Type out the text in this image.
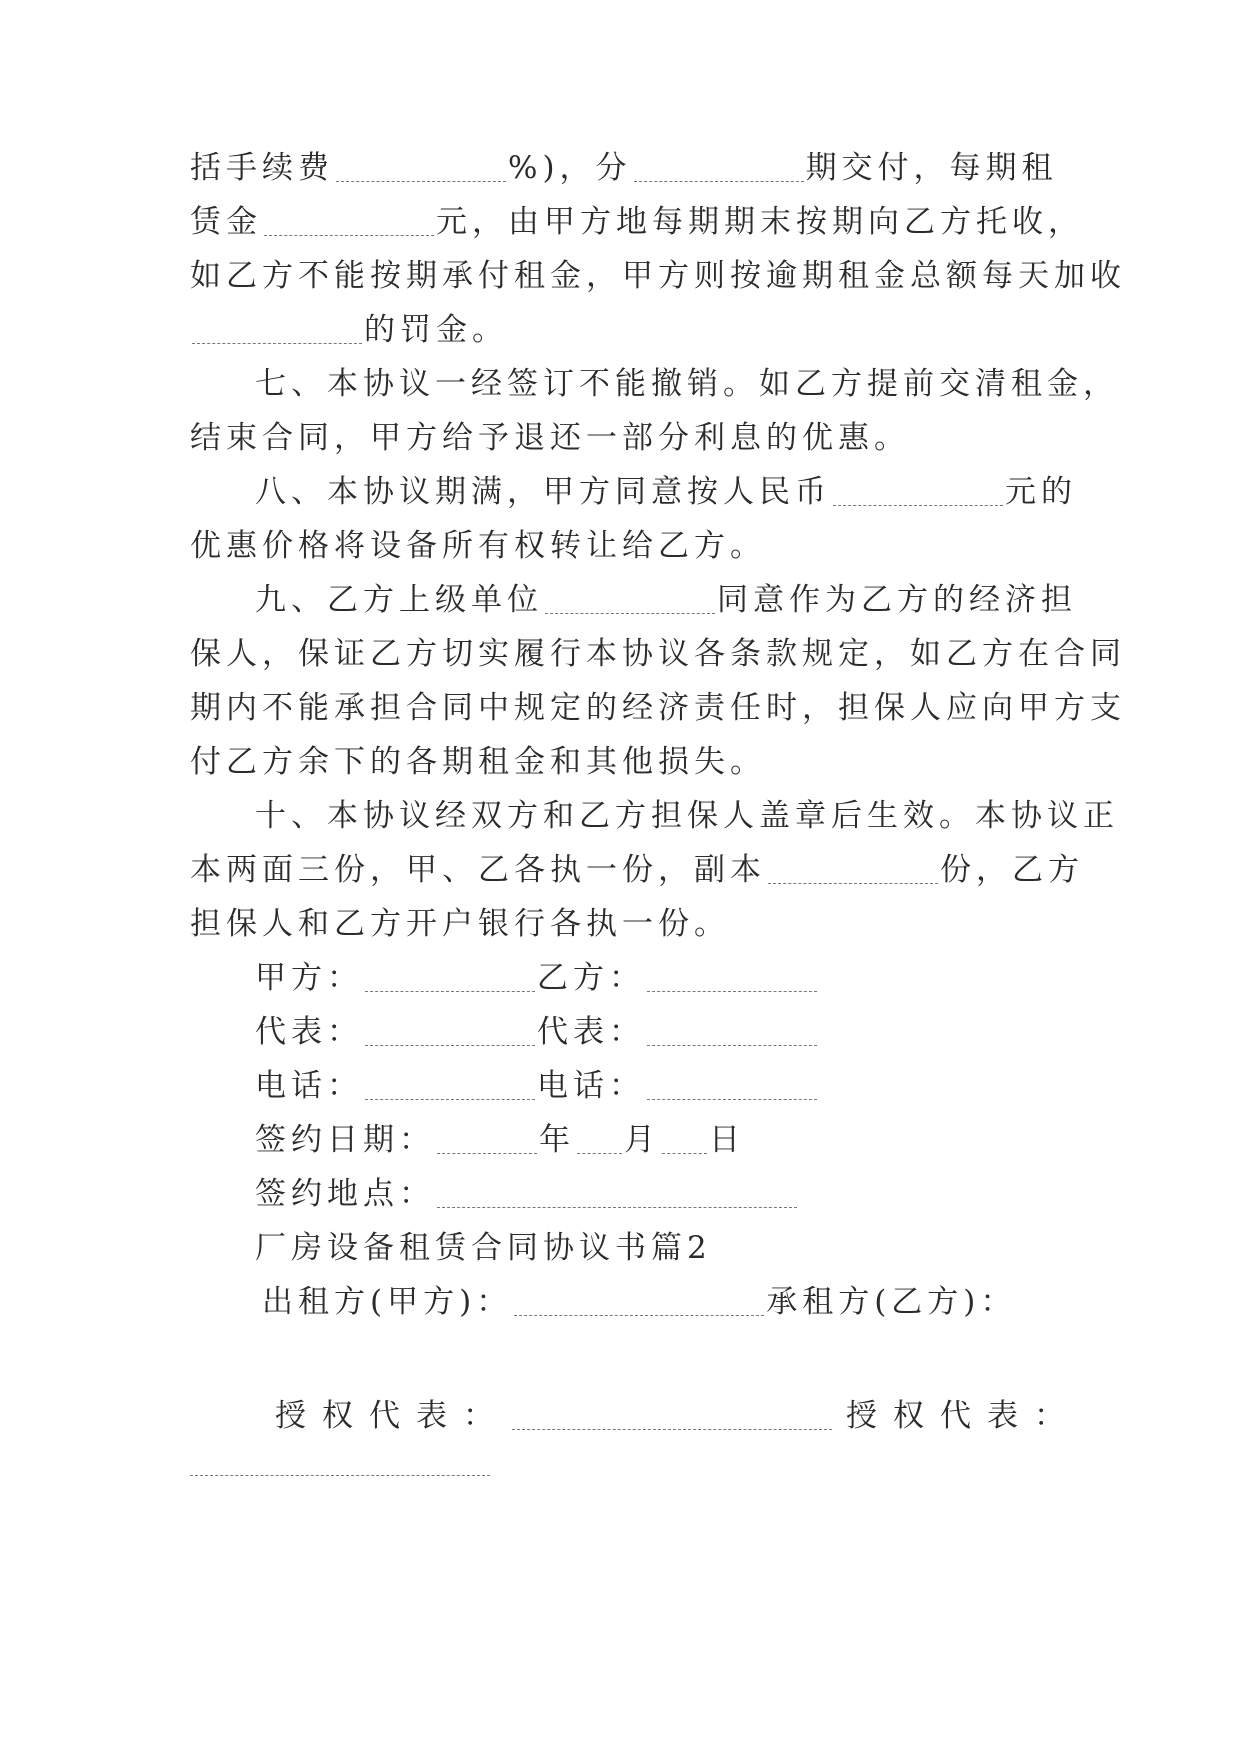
括手续费	%)，分	期交付，每期租
赁金	元，由甲方地每期期末按期向乙方托收，
如乙方不能按期承付租金，甲方则按逾期租金总额每天加收
的罚金。
七、本协议一经签订不能撤销。如乙方提前交清租金，
结束合同，甲方给予退还一部分利息的优惠。
八、本协议期满，甲方同意按人民币	元的
优惠价格将设备所有权转让给乙方。
九、乙方上级单位	同意作为乙方的经济担
保人，保证乙方切实履行本协议各条款规定，如乙方在合同
期内不能承担合同中规定的经济责任时，担保人应向甲方支
付乙方余下的各期租金和其他损失。
十、本协议经双方和乙方担保人盖章后生效。本协议正
本两面三份，甲、乙各执一份，副本	份，乙方
担保人和乙方开户银行各执一份。
甲方：	乙方：
代表：	代表：
电话：	电话：
签约日期：	年 月 日
签约地点：
厂房设备租赁合同协议书篇2
出租方(甲方)：	承租方(乙方)：
授权代表：	授权代表：
